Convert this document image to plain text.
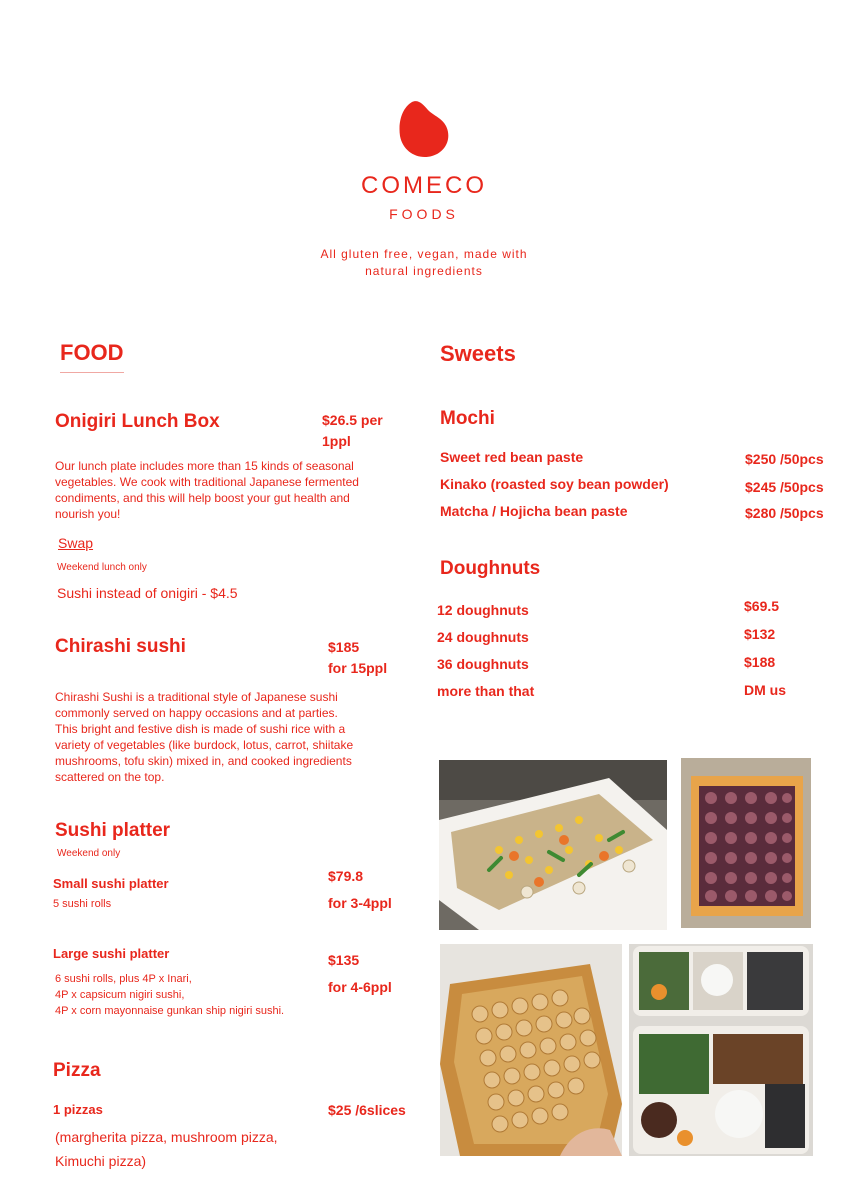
COMECO
FOODS
All gluten free, vegan, made with
natural ingredients
FOOD
Onigiri Lunch Box	$26.5 per
1ppl
Our lunch plate includes more than 15 kinds of seasonal
vegetables. We cook with traditional Japanese fermented
condiments, and this will help boost your gut health and
nourish you!
Swap
Weekend lunch only
Sushi instead of onigiri - $4.5
Chirashi sushi	$185
for 15ppl
Chirashi Sushi is a traditional style of Japanese sushi
commonly served on happy occasions and at parties.
This bright and festive dish is made of sushi rice with a
variety of vegetables (like burdock, lotus, carrot, shiitake
mushrooms, tofu skin) mixed in, and cooked ingredients
scattered on the top.
Sushi platter
Weekend only
Small sushi platter
5 sushi rolls
$79.8
for 3-4ppl
Large sushi platter
6 sushi rolls, plus 4P x Inari,
4P x capsicum nigiri sushi,
4P x corn mayonnaise gunkan ship nigiri sushi.
$135
for 4-6ppl
Pizza
1 pizzas	$25 /6slices
(margherita pizza, mushroom pizza,
Kimuchi pizza)
Sweets
Mochi
Sweet red bean paste	$250 /50pcs
Kinako (roasted soy bean powder)	$245 /50pcs
Matcha / Hojicha bean paste	$280 /50pcs
Doughnuts
12 doughnuts	$69.5
24 doughnuts	$132
36 doughnuts	$188
more than that	DM us
